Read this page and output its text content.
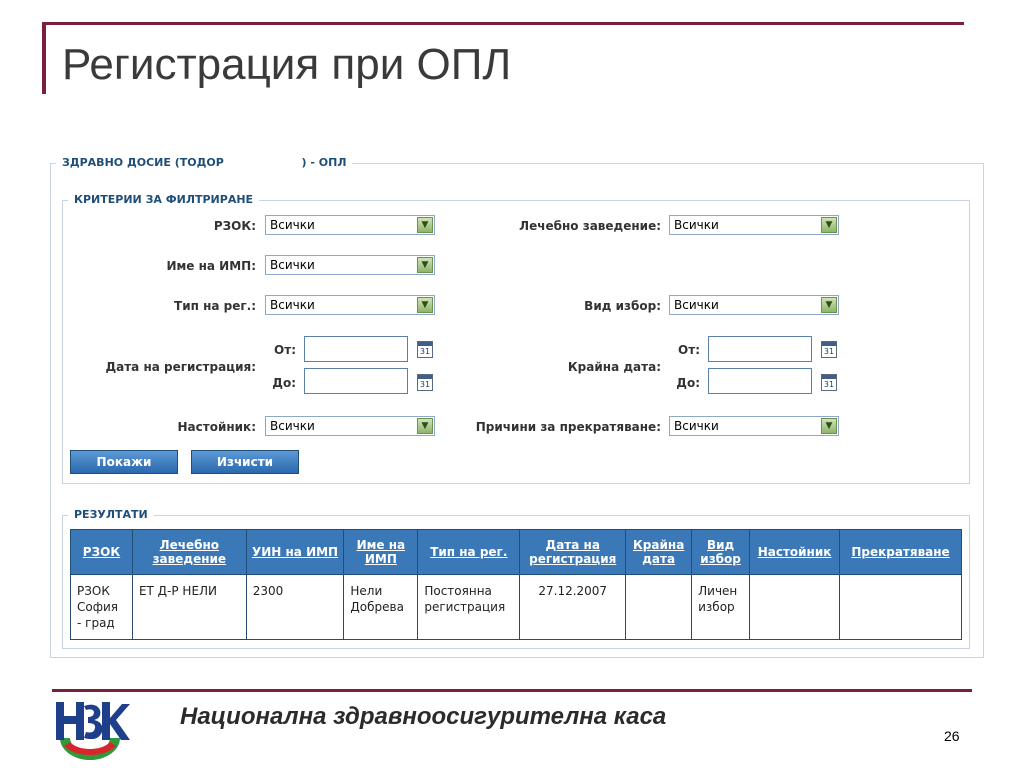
Регистрация при ОПЛ
ЗДРАВНО ДОСИЕ (ТОДОР	) - ОПЛ
КРИТЕРИИ ЗА ФИЛТРИРАНЕ
РЗОК:	Всички	▼	Лечебно заведение:	Всички	▼
Име на ИМП:	Всички	▼
Тип на рег.:	Всички	▼	Вид избор:	Всички	▼
Дата на регистрация:
От:	31
До:	31
Крайна дата:
От:	31
До:	31
Настойник:	Всички	▼	Причини за прекратяване:	Всички	▼
Покажи	Изчисти
РЕЗУЛТАТИ
РЗОК	Лечебно заведение	УИН на ИМП	Име на ИМП	Тип на рег.	Дата на регистрация	Крайна дата	Вид избор	Настойник	Прекратяване
РЗОК София - град	ЕТ Д-Р НЕЛИ	2300	Нели Добрева	Постоянна регистрация	27.12.2007		Личен избор		
Национална здравноосигурителна каса
26
